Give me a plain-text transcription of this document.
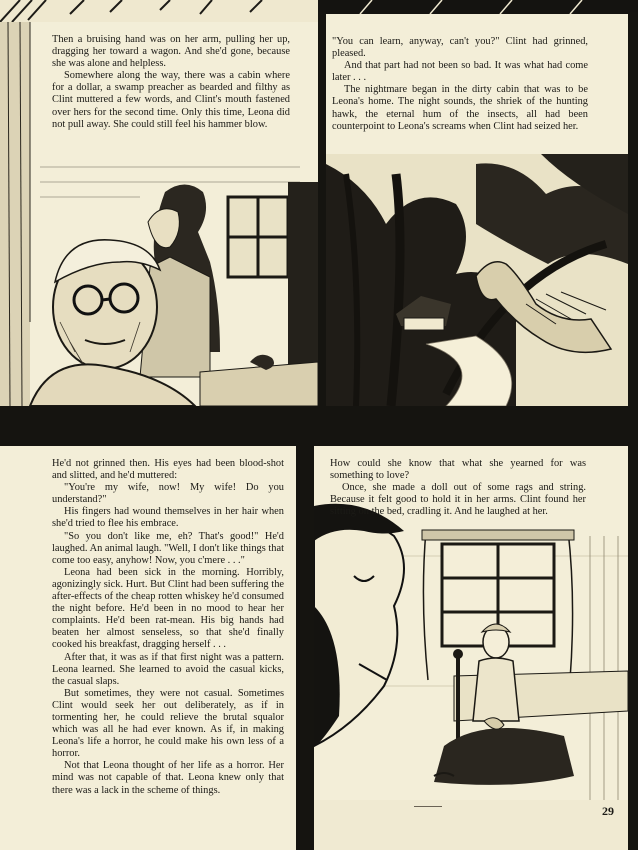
Then a bruising hand was on her arm, pulling her up, dragging her toward a wagon. And she'd gone, because she was alone and helpless.

Somewhere along the way, there was a cabin where for a dollar, a swamp preacher as bearded and filthy as Clint muttered a few words, and Clint's mouth fastened over hers for the second time. Only this time, Leona did not pull away. She could still feel his hammer blow.

"You can learn, anyway, can't you?" Clint had grinned, pleased.

And that part had not been so bad. It was what had come later . . .

The nightmare began in the dirty cabin that was to be Leona's home. The night sounds, the shriek of the hunting hawk, the eternal hum of the insects, all had been counterpoint to Leona's screams when Clint had seized her.

He'd not grinned then. His eyes had been blood-shot and slitted, and he'd muttered:

"You're my wife, now! My wife! Do you understand?"

His fingers had wound themselves in her hair when she'd tried to flee his embrace.

"So you don't like me, eh? That's good!" He'd laughed. An animal laugh. "Well, I don't like things that come too easy, anyhow! Now, you c'mere . . ."

Leona had been sick in the morning. Horribly, agonizingly sick. Hurt. But Clint had been suffering the after-effects of the cheap rotten whiskey he'd consumed the night before. He'd been in no mood to hear her complaints. He'd been rat-mean. His big hands had beaten her almost senseless, so that she'd finally cooked his breakfast, dragging herself . . .

After that, it was as if that first night was a pattern. Leona learned. She learned to avoid the casual kicks, the casual slaps.

But sometimes, they were not casual. Sometimes Clint would seek her out deliberately, as if in tormenting her, he could relieve the brutal squalor which was all he had ever known. As if, in making Leona's life a horror, he could make his own less of a horror.

Not that Leona thought of her life as a horror. Her mind was not capable of that. Leona knew only that there was a lack in the scheme of things.

How could she know that what she yearned for was something to love?

Once, she made a doll out of some rags and string. Because it felt good to hold it in her arms. Clint found her sitting on the bed, cradling it. And he laughed at her.

29
